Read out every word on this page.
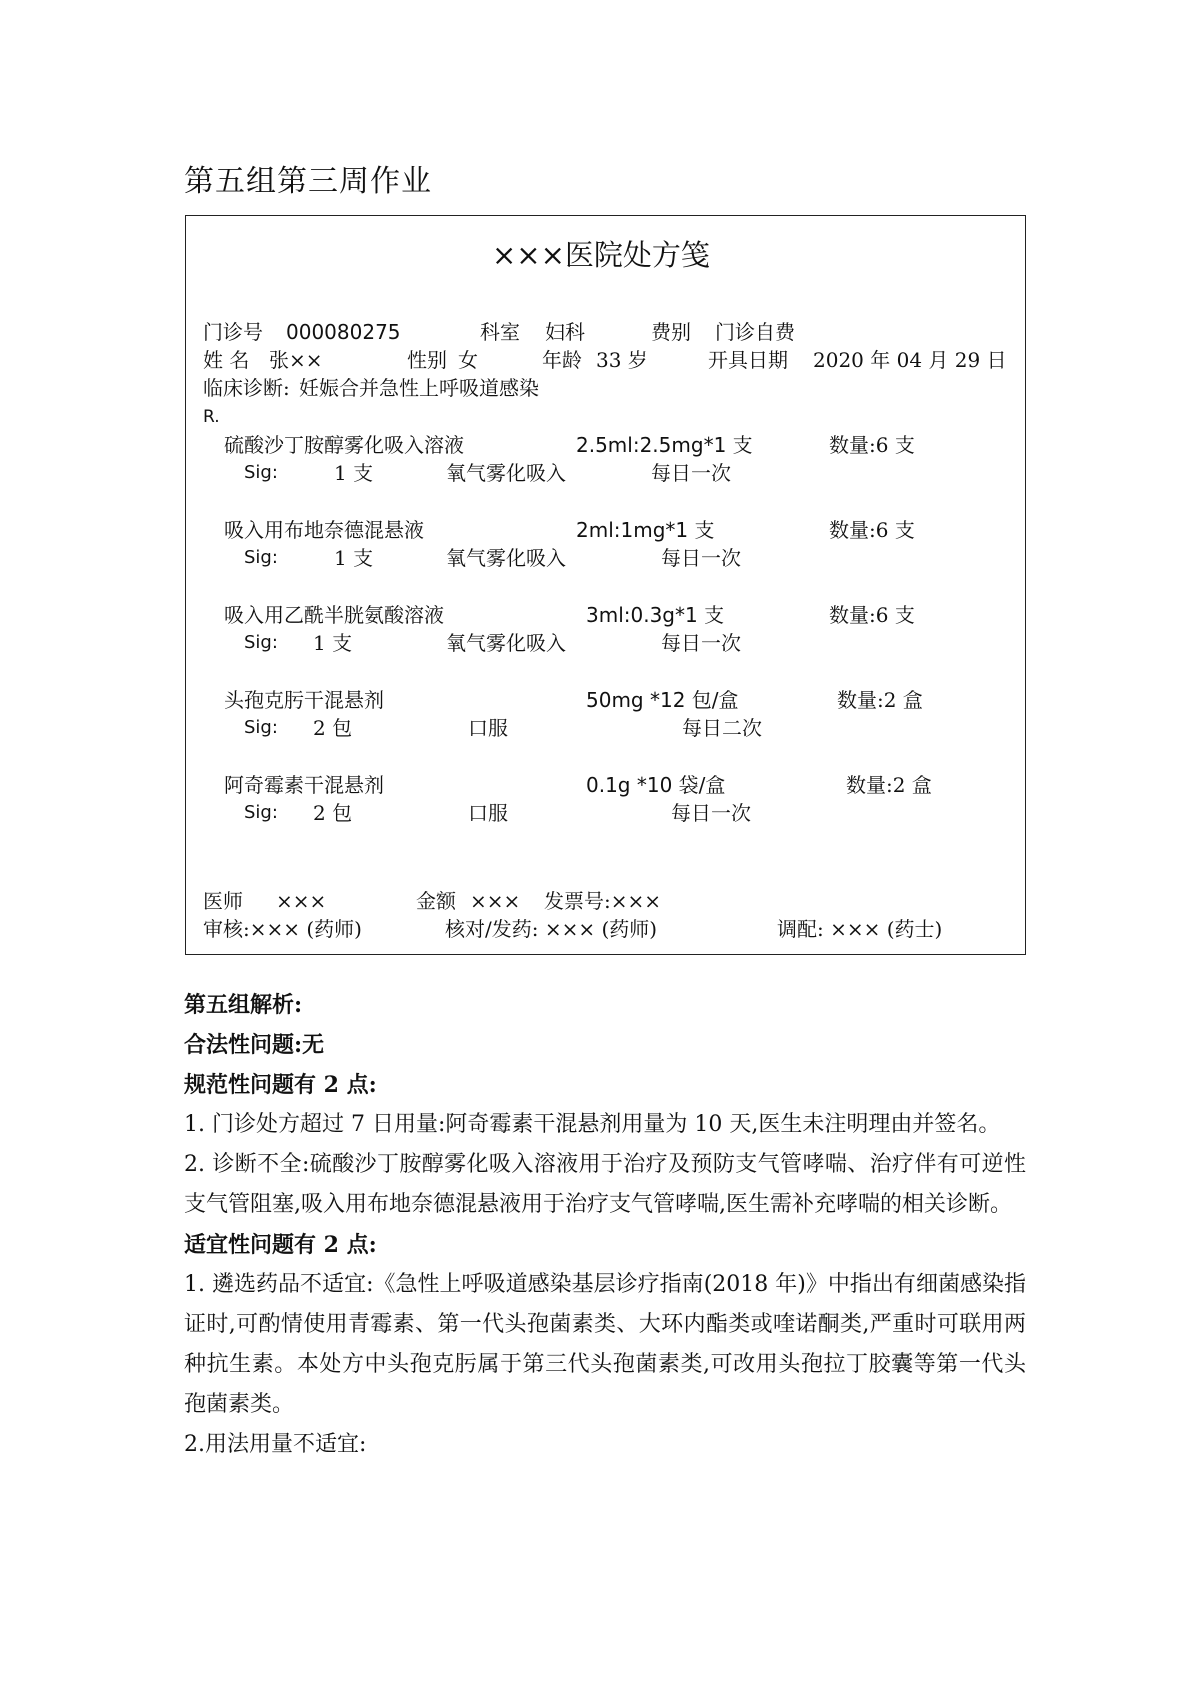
第五组第三周作业
×××医院处方笺
门诊号 000080275	科室 妇科	费别 门诊自费
姓 名 张××	性别 女	年龄 33 岁	开具日期 2020 年 04 月 29 日
临床诊断: 妊娠合并急性上呼吸道感染
R.
硫酸沙丁胺醇雾化吸入溶液	2.5ml:2.5mg*1 支	数量:6 支
Sig:	1 支	氧气雾化吸入	每日一次
吸入用布地奈德混悬液	2ml:1mg*1 支	数量:6 支
Sig:	1 支	氧气雾化吸入	每日一次
吸入用乙酰半胱氨酸溶液	3ml:0.3g*1 支	数量:6 支
Sig: 1 支	氧气雾化吸入	每日一次
头孢克肟干混悬剂	50mg *12 包/盒	数量:2 盒
Sig: 2 包	口服	每日二次
阿奇霉素干混悬剂	0.1g *10 袋/盒	数量:2 盒
Sig: 2 包	口服	每日一次
医师 ×××	金额 ××× 发票号:×××
审核:××× (药师)	核对/发药: ××× (药师)	调配: ××× (药士)

第五组解析:

合法性问题:无

规范性问题有 2 点:

1. 门诊处方超过 7 日用量:阿奇霉素干混悬剂用量为 10 天,医生未注明理由并签名。

2. 诊断不全:硫酸沙丁胺醇雾化吸入溶液用于治疗及预防支气管哮喘、治疗伴有可逆性支气管阻塞,吸入用布地奈德混悬液用于治疗支气管哮喘,医生需补充哮喘的相关诊断。

适宜性问题有 2 点:

1. 遴选药品不适宜:《急性上呼吸道感染基层诊疗指南(2018 年)》中指出有细菌感染指证时,可酌情使用青霉素、第一代头孢菌素类、大环内酯类或喹诺酮类,严重时可联用两种抗生素。本处方中头孢克肟属于第三代头孢菌素类,可改用头孢拉丁胶囊等第一代头孢菌素类。

2.用法用量不适宜:
